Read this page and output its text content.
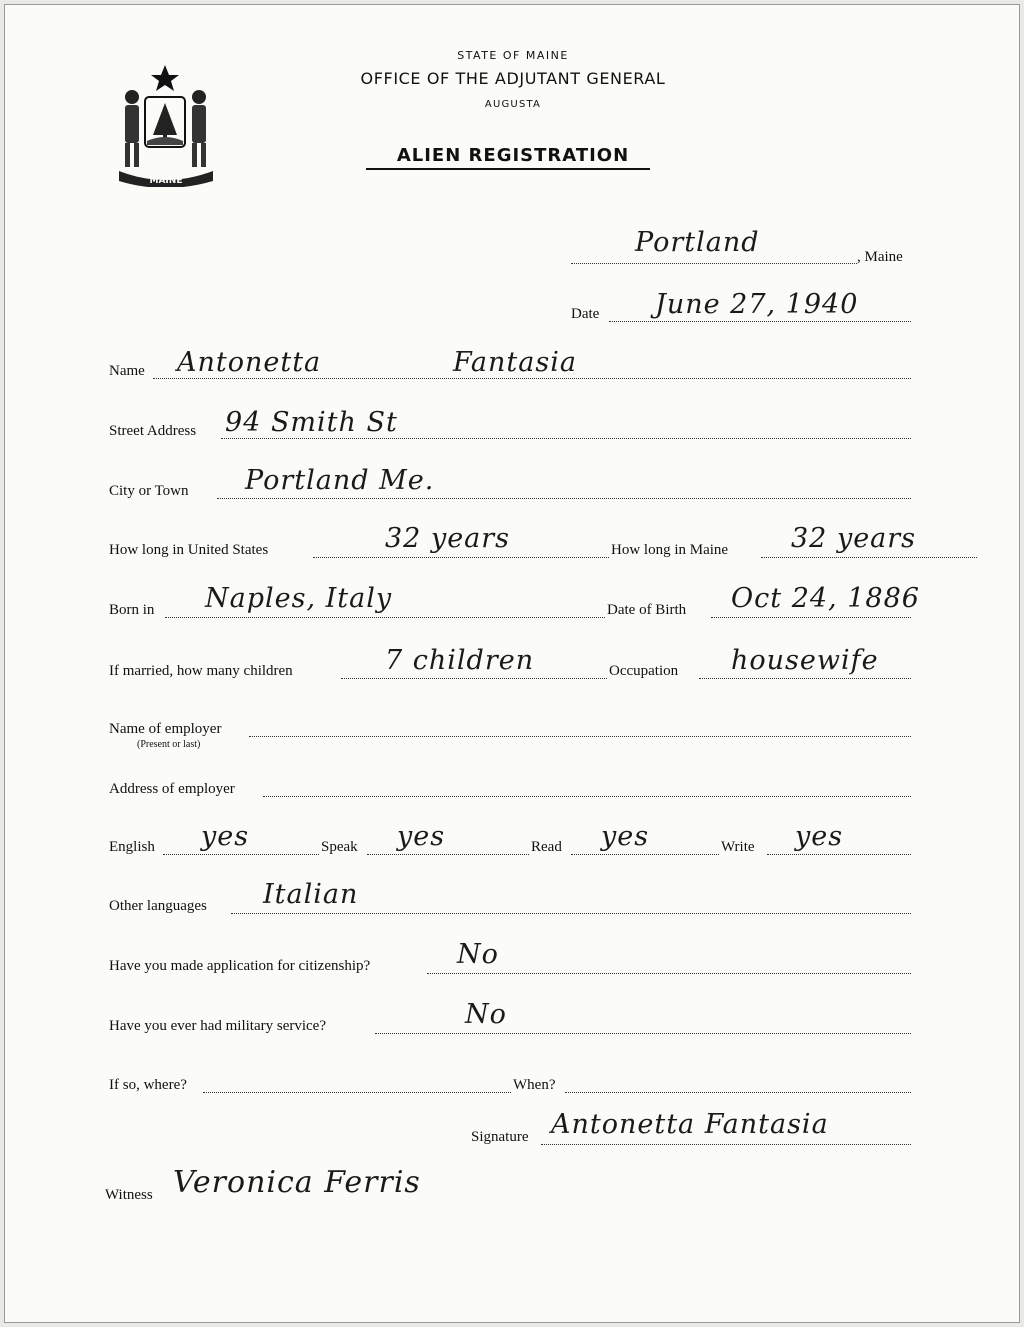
MAINE
STATE OF MAINE
OFFICE OF THE ADJUTANT GENERAL
AUGUSTA
ALIEN REGISTRATION
Portland	, Maine
Date June 27, 1940
Name Antonetta	Fantasia
Street Address 94 Smith St
City or Town Portland Me.
How long in United States	32 years	How long in Maine 32 years
Born in Naples, Italy	Date of Birth Oct 24, 1886
If married, how many children	7 children	Occupation housewife
Name of employer
(Present or last)
Address of employer
English yes	Speak yes	Read yes	Write yes
Other languages Italian
Have you made application for citizenship?	No
Have you ever had military service?	No
If so, where?	When?
Signature Antonetta Fantasia
Witness Veronica Ferris
